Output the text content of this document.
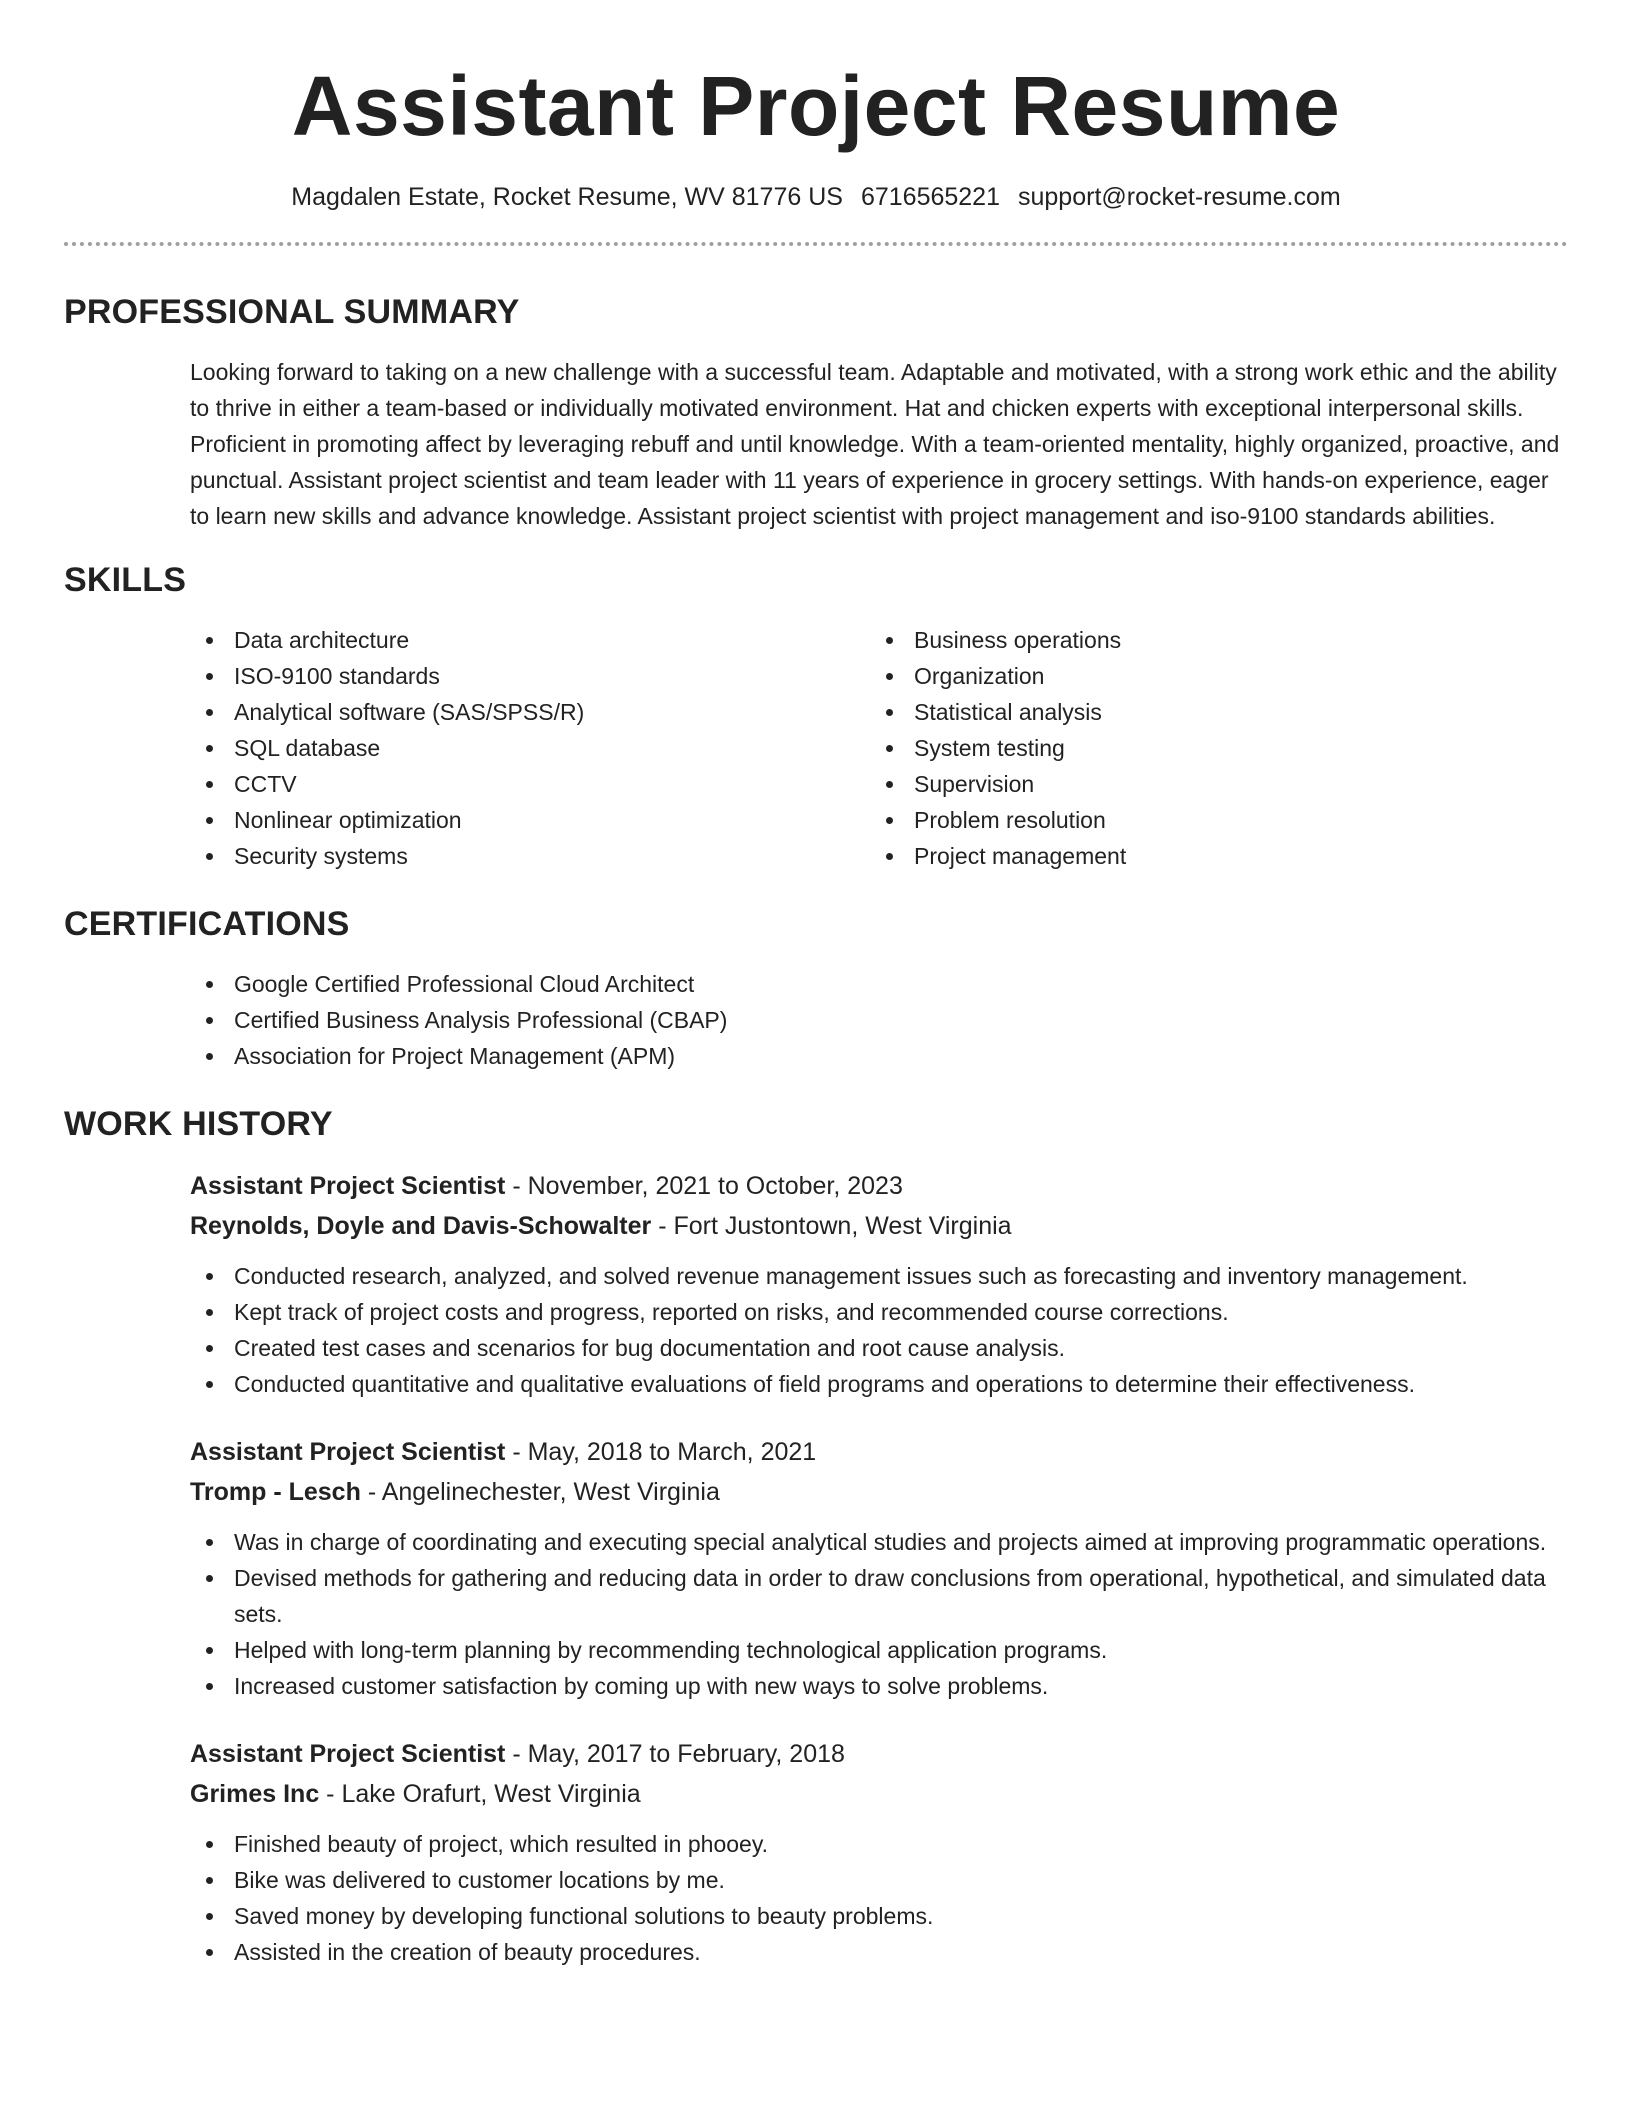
Assistant Project Resume
Magdalen Estate, Rocket Resume, WV 81776 US 6716565221 support@rocket-resume.com
PROFESSIONAL SUMMARY

Looking forward to taking on a new challenge with a successful team. Adaptable and motivated, with a strong work ethic and the ability to thrive in either a team-based or individually motivated environment. Hat and chicken experts with exceptional interpersonal skills. Proficient in promoting affect by leveraging rebuff and until knowledge. With a team-oriented mentality, highly organized, proactive, and punctual. Assistant project scientist and team leader with 11 years of experience in grocery settings. With hands-on experience, eager to learn new skills and advance knowledge. Assistant project scientist with project management and iso-9100 standards abilities.

SKILLS
Data architecture
ISO-9100 standards
Analytical software (SAS/SPSS/R)
SQL database
CCTV
Nonlinear optimization
Security systems
Business operations
Organization
Statistical analysis
System testing
Supervision
Problem resolution
Project management
CERTIFICATIONS
Google Certified Professional Cloud Architect
Certified Business Analysis Professional (CBAP)
Association for Project Management (APM)
WORK HISTORY
Assistant Project Scientist - November, 2021 to October, 2023
Reynolds, Doyle and Davis-Schowalter - Fort Justontown, West Virginia
Conducted research, analyzed, and solved revenue management issues such as forecasting and inventory management.
Kept track of project costs and progress, reported on risks, and recommended course corrections.
Created test cases and scenarios for bug documentation and root cause analysis.
Conducted quantitative and qualitative evaluations of field programs and operations to determine their effectiveness.
Assistant Project Scientist - May, 2018 to March, 2021
Tromp - Lesch - Angelinechester, West Virginia
Was in charge of coordinating and executing special analytical studies and projects aimed at improving programmatic operations.
Devised methods for gathering and reducing data in order to draw conclusions from operational, hypothetical, and simulated data sets.
Helped with long-term planning by recommending technological application programs.
Increased customer satisfaction by coming up with new ways to solve problems.
Assistant Project Scientist - May, 2017 to February, 2018
Grimes Inc - Lake Orafurt, West Virginia
Finished beauty of project, which resulted in phooey.
Bike was delivered to customer locations by me.
Saved money by developing functional solutions to beauty problems.
Assisted in the creation of beauty procedures.
